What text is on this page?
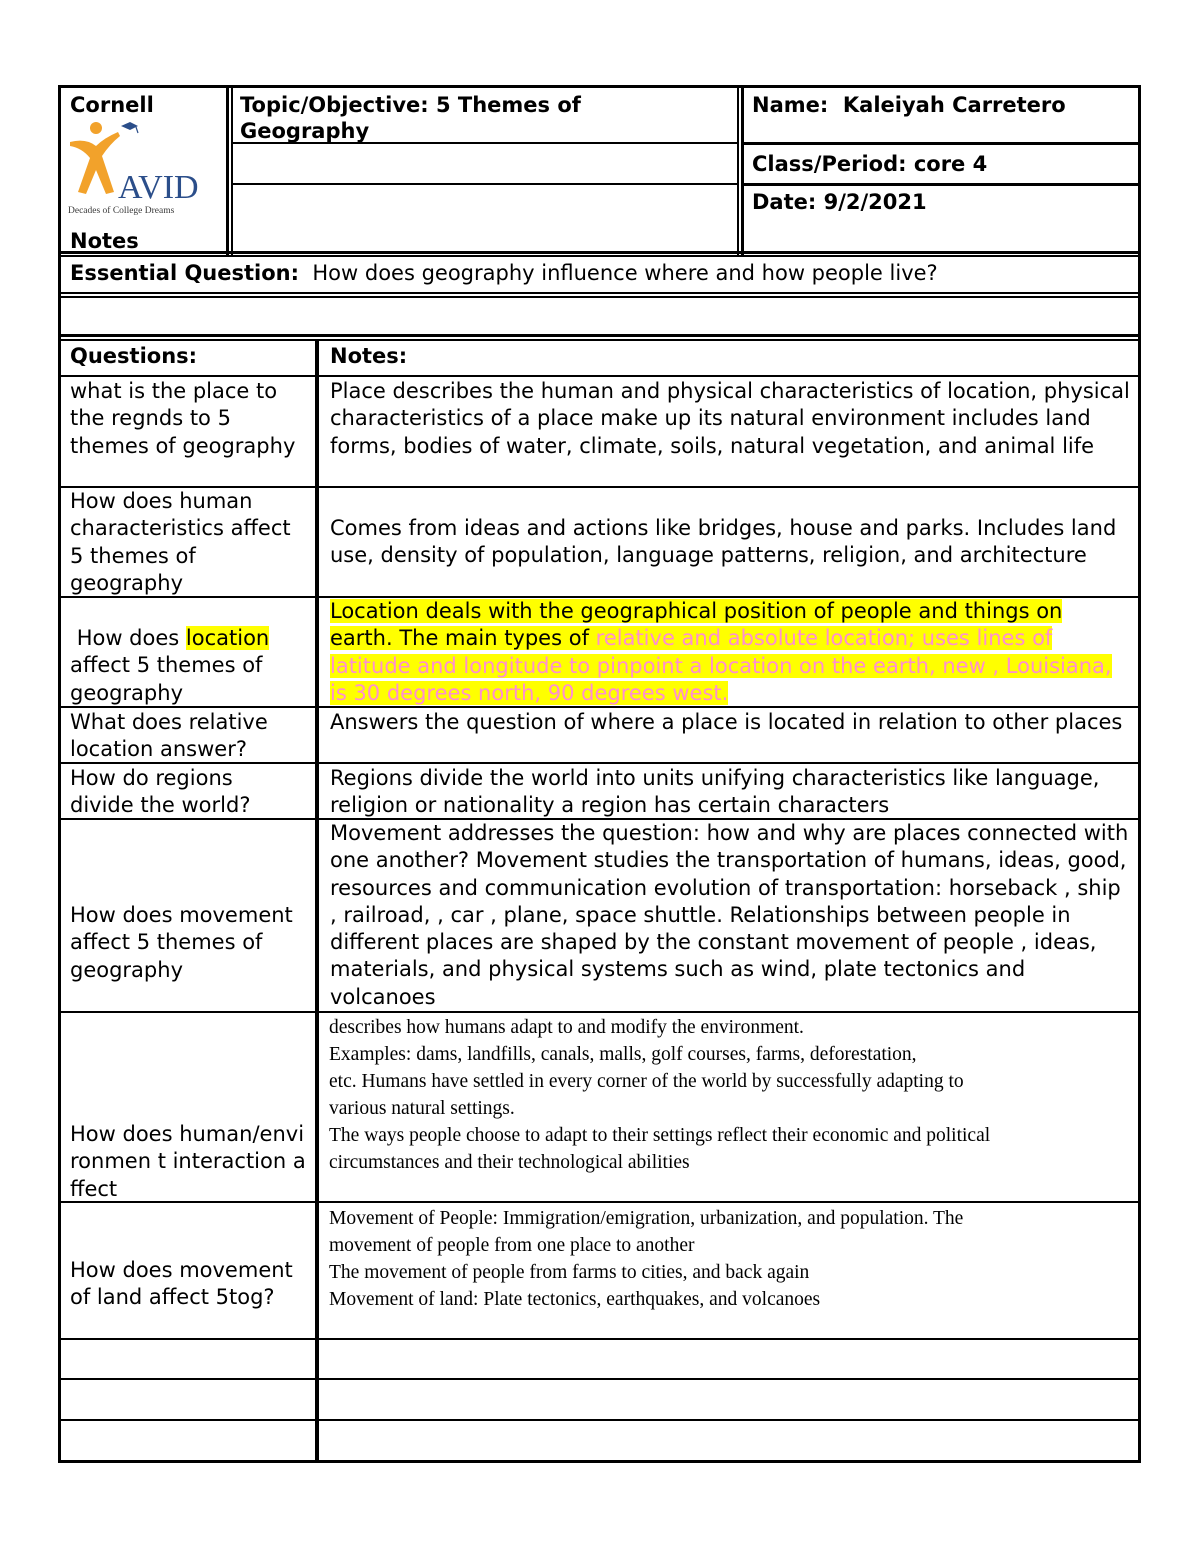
Cornell
AVID
Decades of College Dreams
Notes
Topic/Objective: 5 Themes of Geography
Name: Kaleiyah Carretero
Class/Period: core 4
Date: 9/2/2021
Essential Question: How does geography influence where and how people live?
Questions:	Notes:
what is the place to the regnds to 5 themes of geography
Place describes the human and physical characteristics of location, physical characteristics of a place make up its natural environment includes land forms, bodies of water, climate, soils, natural vegetation, and animal life
How does human characteristics affect 5 themes of geography
Comes from ideas and actions like bridges, house and parks. Includes land use, density of population, language patterns, religion, and architecture
How does location affect 5 themes of geography
Location deals with the geographical position of people and things on earth. The main types of relative and absolute location; uses lines of latitude and longitude to pinpoint a location on the earth, new , Louisiana, is 30 degrees north, 90 degrees west.
What does relative location answer?
Answers the question of where a place is located in relation to other places
How do regions divide the world?
Regions divide the world into units unifying characteristics like language, religion or nationality a region has certain characters
How does movement affect 5 themes of geography
Movement addresses the question: how and why are places connected with one another? Movement studies the transportation of humans, ideas, good, resources and communication evolution of transportation: horseback , ship , railroad, , car , plane, space shuttle. Relationships between people in different places are shaped by the constant movement of people , ideas, materials, and physical systems such as wind, plate tectonics and volcanoes
How does human/environmen t interaction affect
describes how humans adapt to and modify the environment.
Examples: dams, landfills, canals, malls, golf courses, farms, deforestation,
etc. Humans have settled in every corner of the world by successfully adapting to
various natural settings.
The ways people choose to adapt to their settings reflect their economic and political
circumstances and their technological abilities
How does movement of land affect 5tog?
Movement of People: Immigration/emigration, urbanization, and population. The
movement of people from one place to another
The movement of people from farms to cities, and back again
Movement of land: Plate tectonics, earthquakes, and volcanoes
